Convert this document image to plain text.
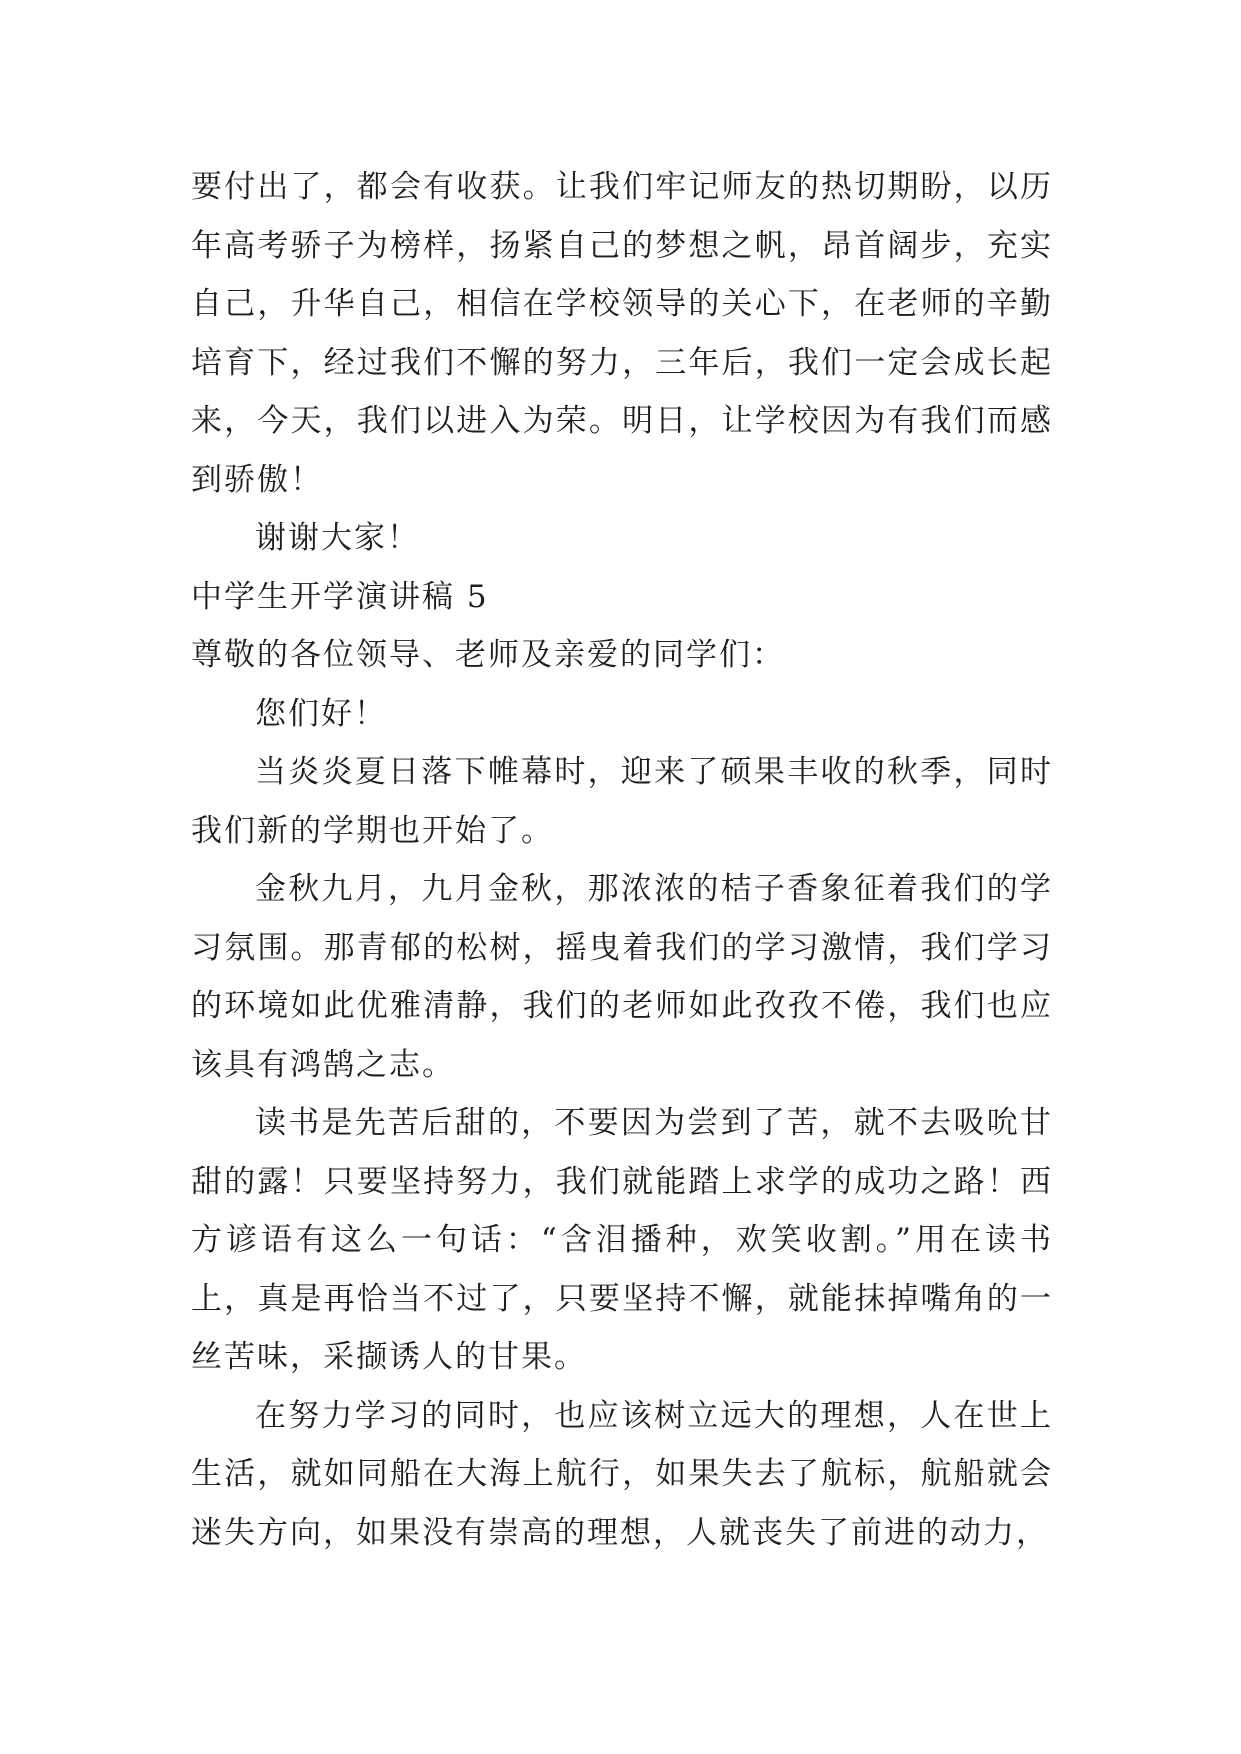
要付出了，都会有收获。让我们牢记师友的热切期盼，以历年高考骄子为榜样，扬紧自己的梦想之帆，昂首阔步，充实自己，升华自己，相信在学校领导的关心下，在老师的辛勤培育下，经过我们不懈的努力，三年后，我们一定会成长起来，今天，我们以进入为荣。明日，让学校因为有我们而感到骄傲！

谢谢大家！

中学生开学演讲稿 5

尊敬的各位领导、老师及亲爱的同学们：

您们好！

当炎炎夏日落下帷幕时，迎来了硕果丰收的秋季，同时我们新的学期也开始了。

金秋九月，九月金秋，那浓浓的桔子香象征着我们的学习氛围。那青郁的松树，摇曳着我们的学习激情，我们学习的环境如此优雅清静，我们的老师如此孜孜不倦，我们也应该具有鸿鹄之志。

读书是先苦后甜的，不要因为尝到了苦，就不去吸吮甘甜的露！只要坚持努力，我们就能踏上求学的成功之路！西方谚语有这么一句话：“含泪播种，欢笑收割。”用在读书上，真是再恰当不过了，只要坚持不懈，就能抹掉嘴角的一丝苦味，采撷诱人的甘果。

在努力学习的同时，也应该树立远大的理想，人在世上生活，就如同船在大海上航行，如果失去了航标，航船就会迷失方向，如果没有崇高的理想，人就丧失了前进的动力，
